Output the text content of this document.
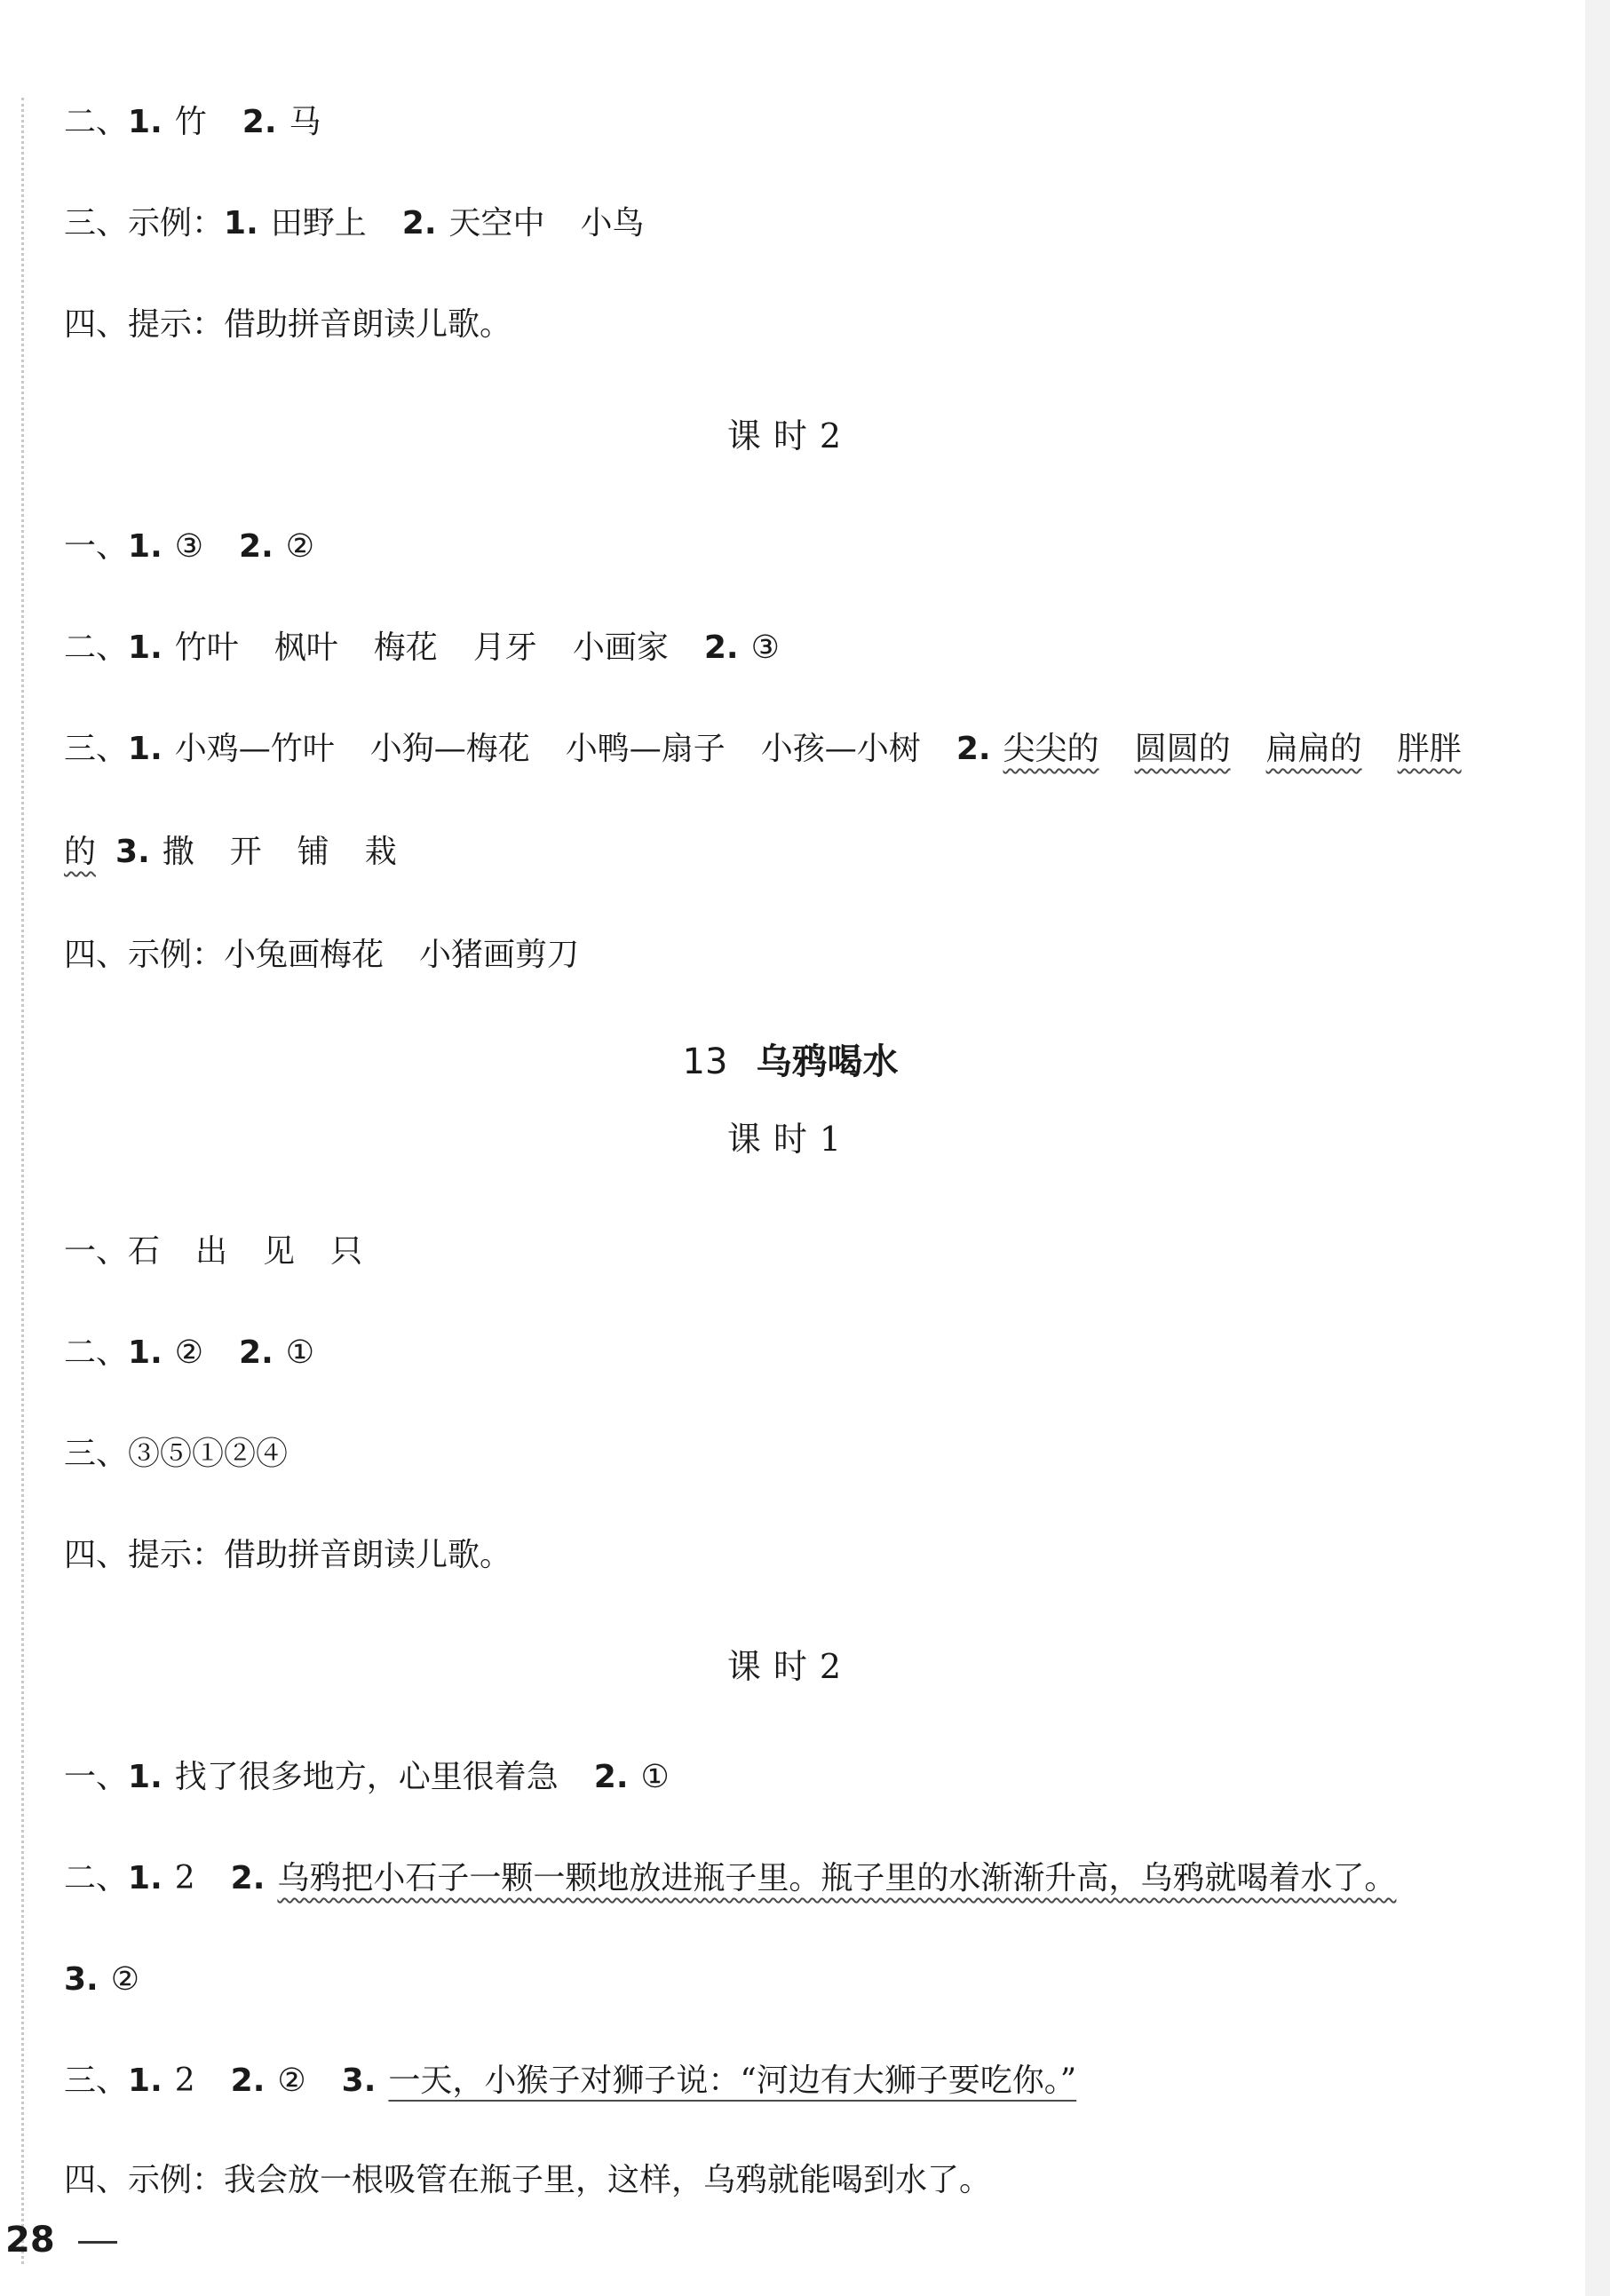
二、1. 竹 2. 马
三、示例：1. 田野上 2. 天空中 小鸟
四、提示：借助拼音朗读儿歌。
课时2
一、1. ③ 2. ②
二、1. 竹叶 枫叶 梅花 月牙 小画家 2. ③
三、1. 小鸡—竹叶 小狗—梅花 小鸭—扇子 小孩—小树 2. 尖尖的 圆圆的 扁扁的 胖胖
的 3. 撒 开 铺 栽
四、示例：小兔画梅花 小猪画剪刀
13 乌鸦喝水
课时1
一、石 出 见 只
二、1. ② 2. ①
三、③⑤①②④
四、提示：借助拼音朗读儿歌。
课时2
一、1. 找了很多地方，心里很着急 2. ①
二、1. 2 2. 乌鸦把小石子一颗一颗地放进瓶子里。瓶子里的水渐渐升高，乌鸦就喝着水了。
3. ②
三、1. 2 2. ② 3. 一天，小猴子对狮子说：“河边有大狮子要吃你。”
四、示例：我会放一根吸管在瓶子里，这样，乌鸦就能喝到水了。
28
